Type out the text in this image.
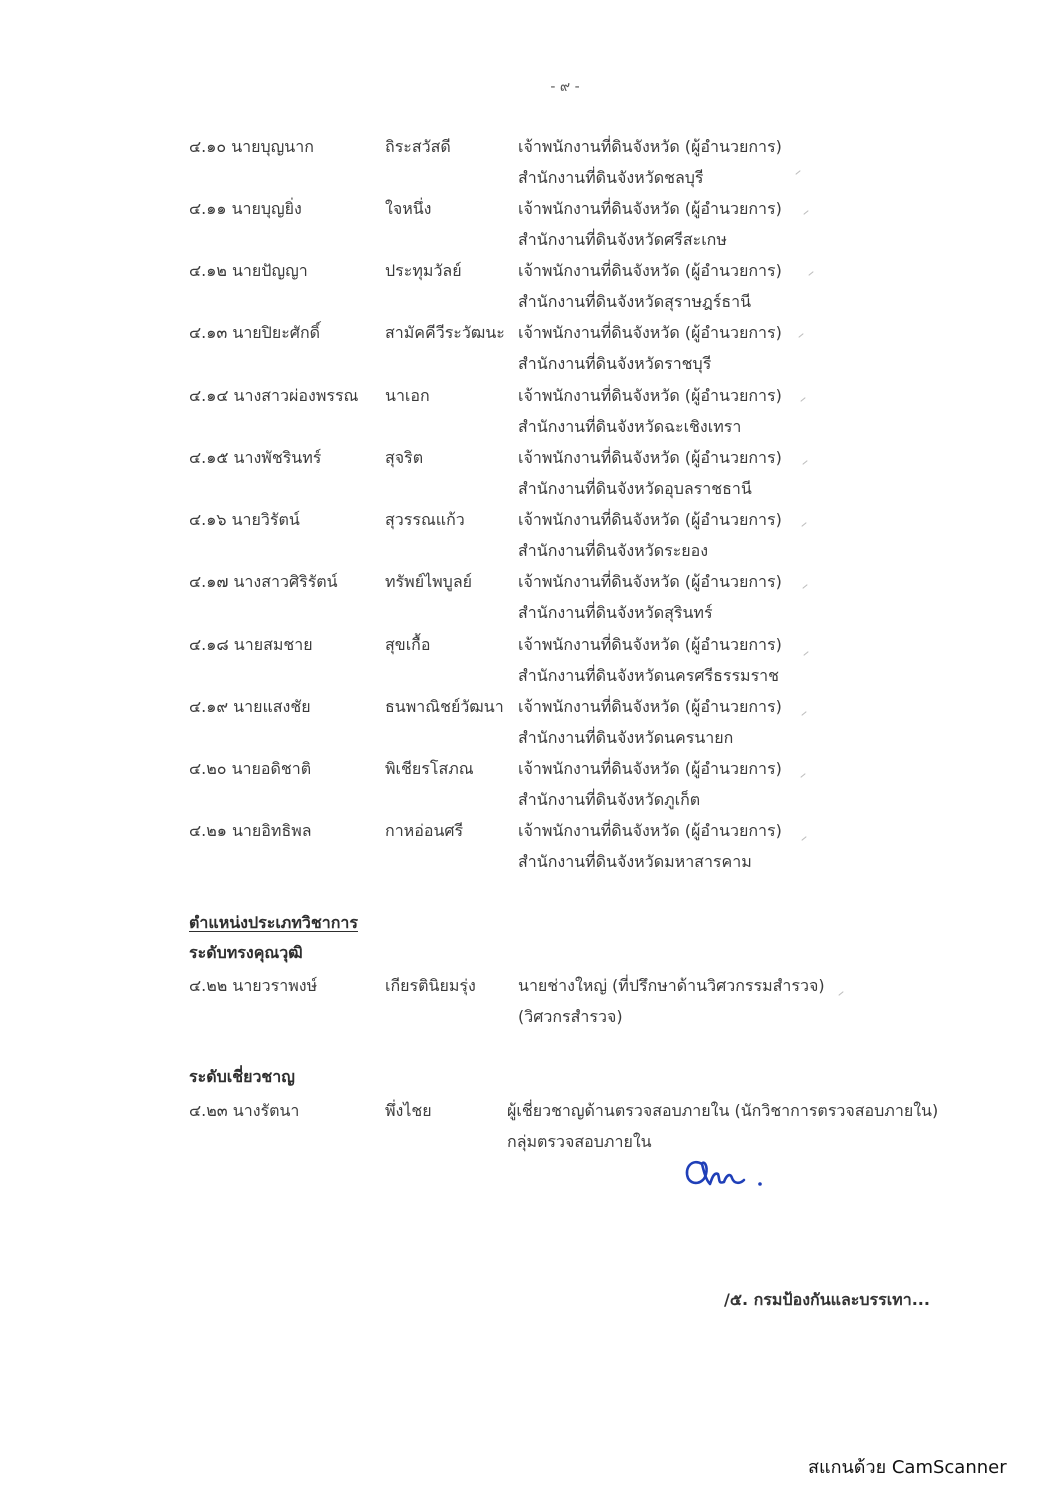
- ๙ -
๔.๑๐ นายบุญนาก	ถิระสวัสดี	เจ้าพนักงานที่ดินจังหวัด (ผู้อำนวยการ)
สำนักงานที่ดินจังหวัดชลบุรี
๔.๑๑ นายบุญยิ่ง	ใจหนึ่ง	เจ้าพนักงานที่ดินจังหวัด (ผู้อำนวยการ)
สำนักงานที่ดินจังหวัดศรีสะเกษ
๔.๑๒ นายปัญญา	ประทุมวัลย์	เจ้าพนักงานที่ดินจังหวัด (ผู้อำนวยการ)
สำนักงานที่ดินจังหวัดสุราษฎร์ธานี
๔.๑๓ นายปิยะศักดิ์	สามัคคีวีระวัฒนะ เจ้าพนักงานที่ดินจังหวัด (ผู้อำนวยการ)
สำนักงานที่ดินจังหวัดราชบุรี
๔.๑๔ นางสาวผ่องพรรณ นาเอก	เจ้าพนักงานที่ดินจังหวัด (ผู้อำนวยการ)
สำนักงานที่ดินจังหวัดฉะเชิงเทรา
๔.๑๕ นางพัชรินทร์	สุจริต	เจ้าพนักงานที่ดินจังหวัด (ผู้อำนวยการ)
สำนักงานที่ดินจังหวัดอุบลราชธานี
๔.๑๖ นายวิรัตน์	สุวรรณแก้ว	เจ้าพนักงานที่ดินจังหวัด (ผู้อำนวยการ)
สำนักงานที่ดินจังหวัดระยอง
๔.๑๗ นางสาวศิริรัตน์	ทรัพย์ไพบูลย์	เจ้าพนักงานที่ดินจังหวัด (ผู้อำนวยการ)
สำนักงานที่ดินจังหวัดสุรินทร์
๔.๑๘ นายสมชาย	สุขเกื้อ	เจ้าพนักงานที่ดินจังหวัด (ผู้อำนวยการ)
สำนักงานที่ดินจังหวัดนครศรีธรรมราช
๔.๑๙ นายแสงชัย	ธนพาณิชย์วัฒนา เจ้าพนักงานที่ดินจังหวัด (ผู้อำนวยการ)
สำนักงานที่ดินจังหวัดนครนายก
๔.๒๐ นายอดิชาติ	พิเชียรโสภณ	เจ้าพนักงานที่ดินจังหวัด (ผู้อำนวยการ)
สำนักงานที่ดินจังหวัดภูเก็ต
๔.๒๑ นายอิทธิพล	กาหอ่อนศรี	เจ้าพนักงานที่ดินจังหวัด (ผู้อำนวยการ)
สำนักงานที่ดินจังหวัดมหาสารคาม
ตำแหน่งประเภทวิชาการ
ระดับทรงคุณวุฒิ
๔.๒๒ นายวราพงษ์	เกียรตินิยมรุ่ง	นายช่างใหญ่ (ที่ปรึกษาด้านวิศวกรรมสำรวจ)
(วิศวกรสำรวจ)
ระดับเชี่ยวชาญ
๔.๒๓ นางรัตนา	พึ่งไชย	ผู้เชี่ยวชาญด้านตรวจสอบภายใน (นักวิชาการตรวจสอบภายใน)
กลุ่มตรวจสอบภายใน
/๕. กรมป้องกันและบรรเทา...
สแกนด้วย CamScanner
